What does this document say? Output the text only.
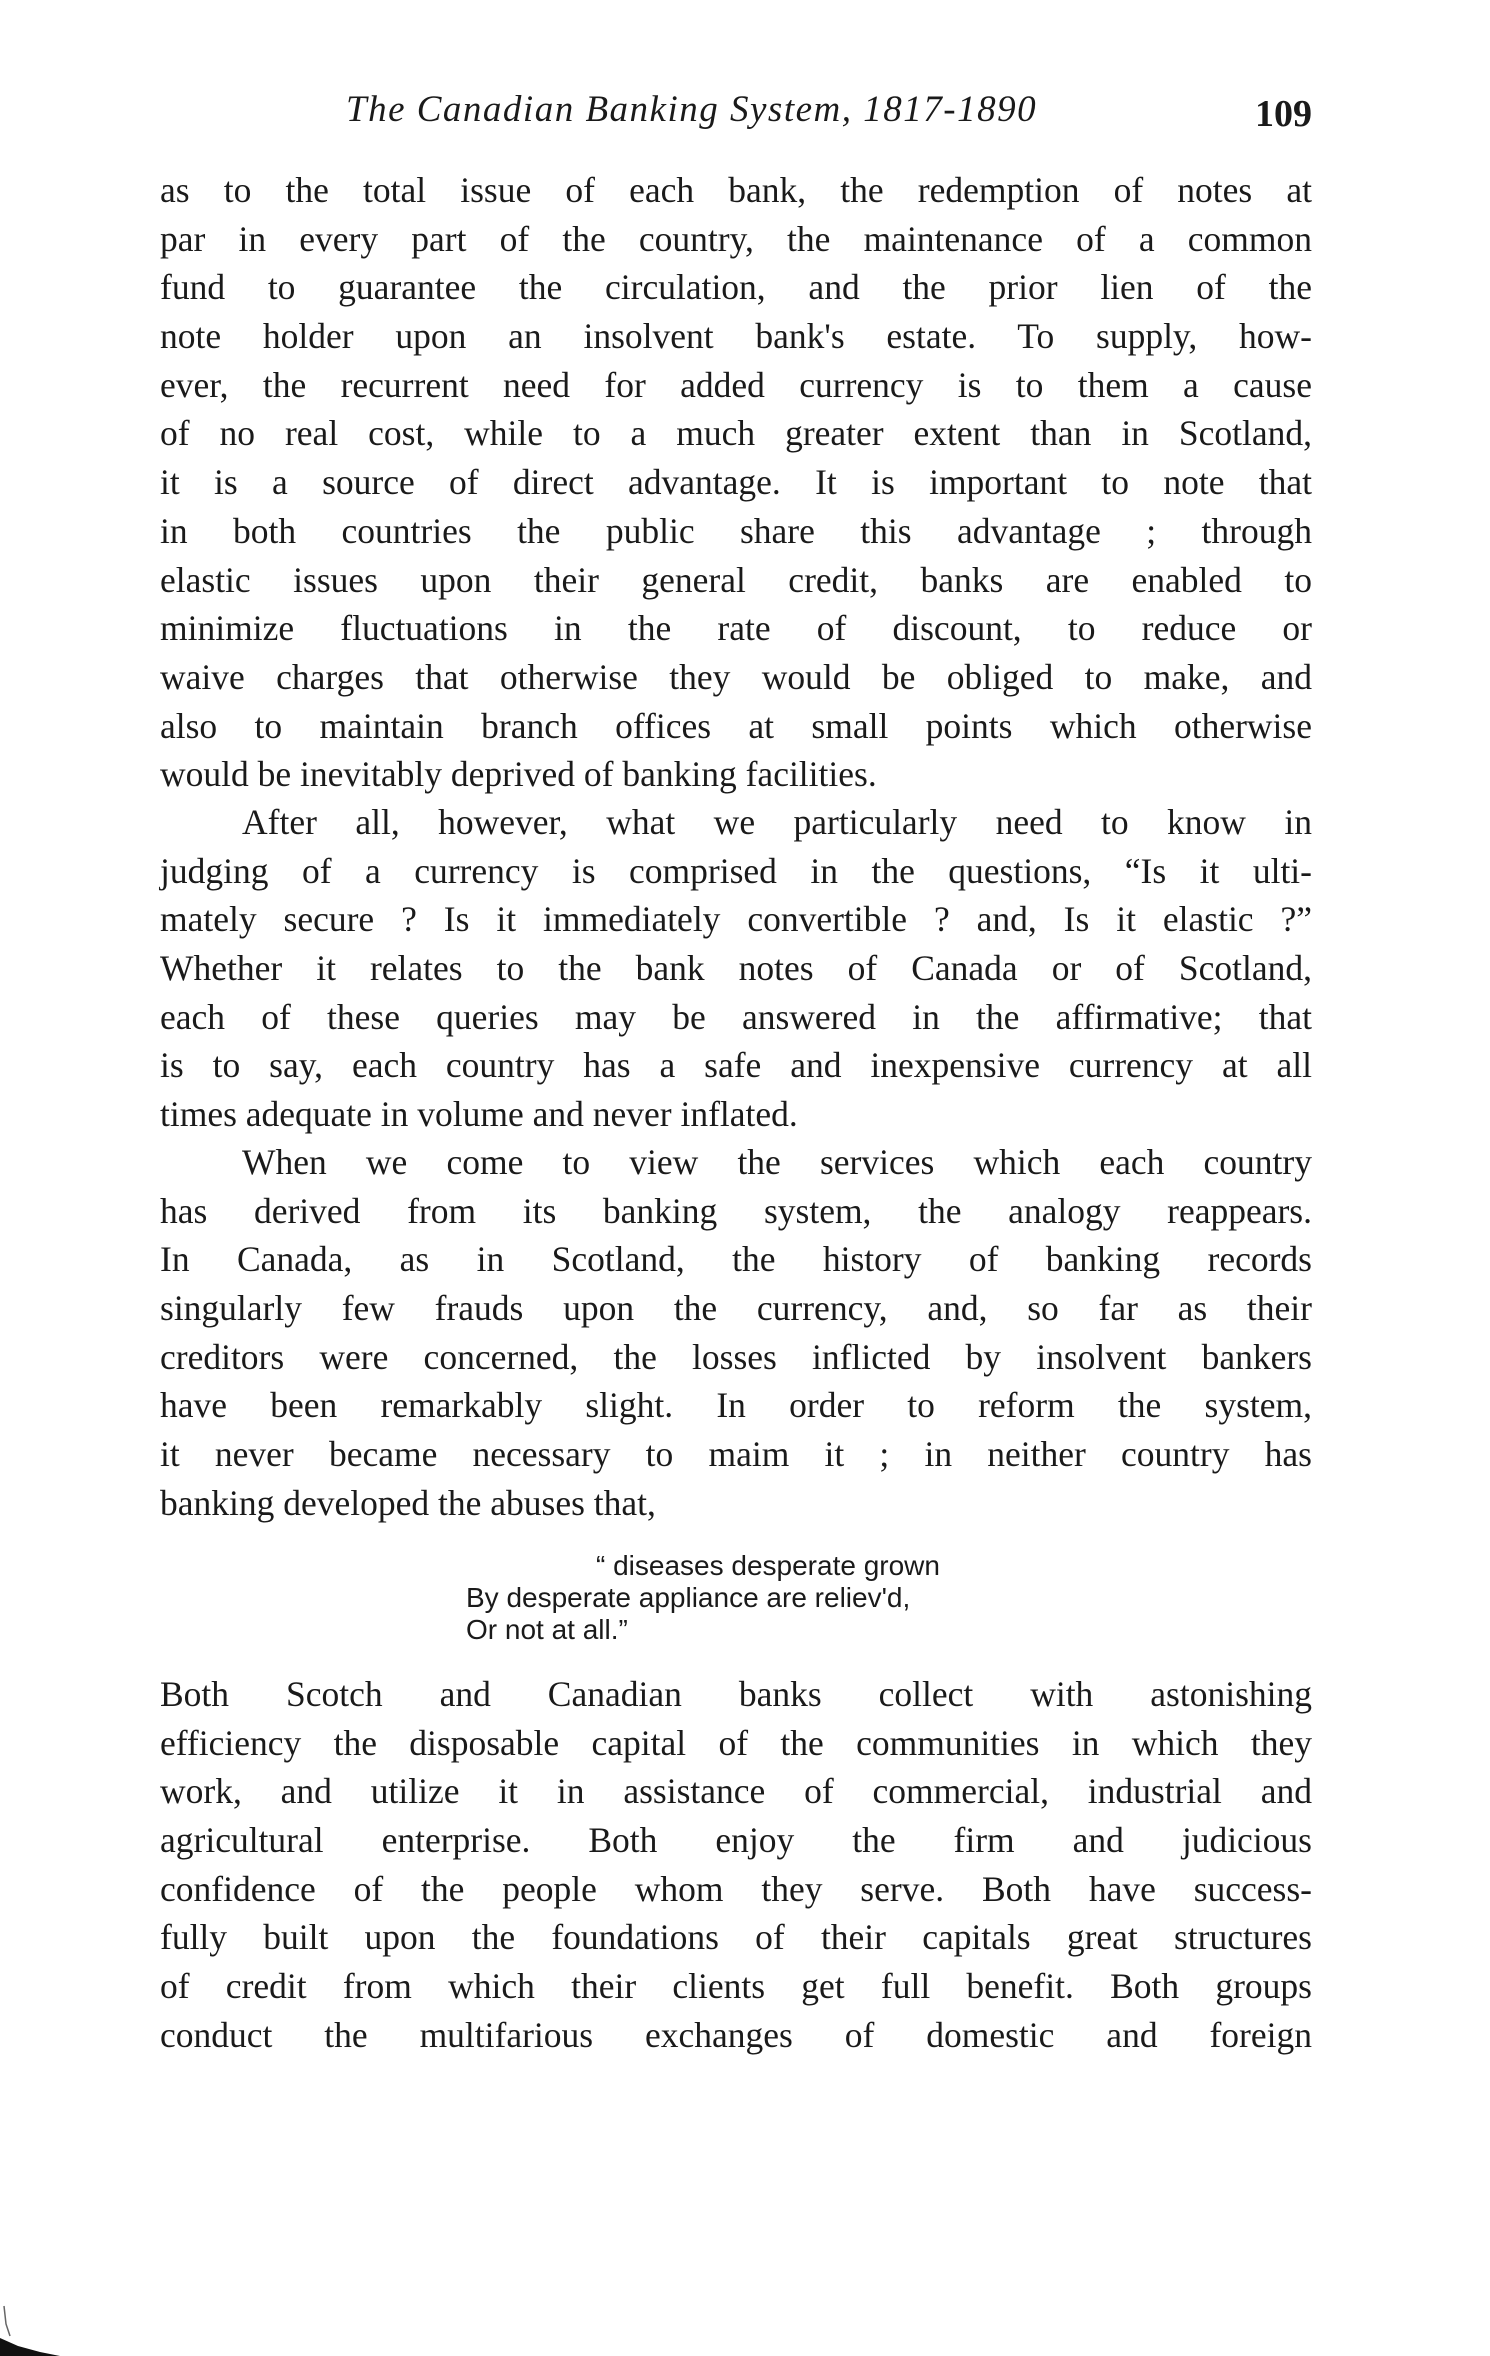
The Canadian Banking System, 1817-1890	109
as to the total issue of each bank, the redemption of notes at
par in every part of the country, the maintenance of a common
fund to guarantee the circulation, and the prior lien of the
note holder upon an insolvent bank's estate. To supply, how-
ever, the recurrent need for added currency is to them a cause
of no real cost, while to a much greater extent than in Scotland,
it is a source of direct advantage. It is important to note that
in both countries the public share this advantage ; through
elastic issues upon their general credit, banks are enabled to
minimize fluctuations in the rate of discount, to reduce or
waive charges that otherwise they would be obliged to make, and
also to maintain branch offices at small points which otherwise
would be inevitably deprived of banking facilities.
After all, however, what we particularly need to know in
judging of a currency is comprised in the questions, “Is it ulti-
mately secure ? Is it immediately convertible ? and, Is it elastic ?”
Whether it relates to the bank notes of Canada or of Scotland,
each of these queries may be answered in the affirmative; that
is to say, each country has a safe and inexpensive currency at all
times adequate in volume and never inflated.
When we come to view the services which each country
has derived from its banking system, the analogy reappears.
In Canada, as in Scotland, the history of banking records
singularly few frauds upon the currency, and, so far as their
creditors were concerned, the losses inflicted by insolvent bankers
have been remarkably slight. In order to reform the system,
it never became necessary to maim it ; in neither country has
banking developed the abuses that,
“ diseases desperate grown
By desperate appliance are reliev'd,
Or not at all.”
Both Scotch and Canadian banks collect with astonishing
efficiency the disposable capital of the communities in which they
work, and utilize it in assistance of commercial, industrial and
agricultural enterprise. Both enjoy the firm and judicious
confidence of the people whom they serve. Both have success-
fully built upon the foundations of their capitals great structures
of credit from which their clients get full benefit. Both groups
conduct the multifarious exchanges of domestic and foreign
